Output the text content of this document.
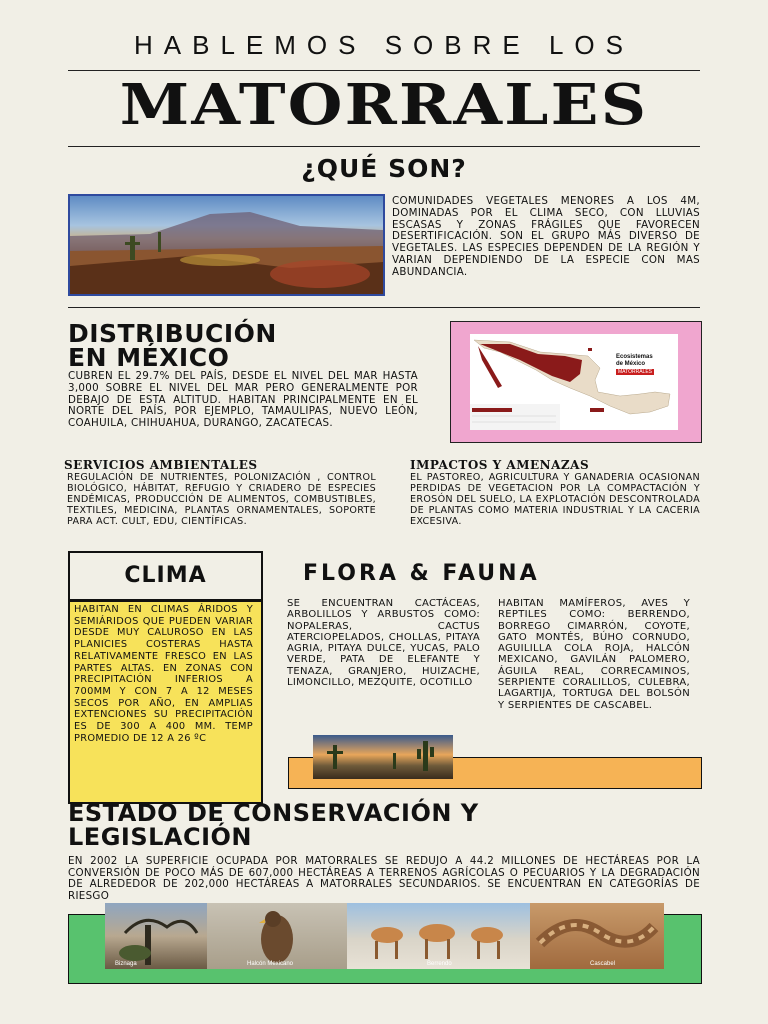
HABLEMOS SOBRE LOS
MATORRALES
¿QUÉ SON?
COMUNIDADES VEGETALES MENORES A LOS 4M, DOMINADAS POR EL CLIMA SECO, CON LLUVIAS ESCASAS Y ZONAS FRÁGILES QUE FAVORECEN DESERTIFICACIÓN. SON EL GRUPO MÁS DIVERSO DE VEGETALES. LAS ESPECIES DEPENDEN DE LA REGIÓN Y VARIAN DEPENDIENDO DE LA ESPECIE CON MAS ABUNDANCIA.
DISTRIBUCIÓN
EN MÉXICO
CUBREN EL 29.7% DEL PAÍS, DESDE EL NIVEL DEL MAR HASTA 3,000 SOBRE EL NIVEL DEL MAR PERO GENERALMENTE POR DEBAJO DE ESTA ALTITUD. HABITAN PRINCIPALMENTE EN EL NORTE DEL PAÍS, POR EJEMPLO, TAMAULIPAS, NUEVO LEÓN, COAHUILA, CHIHUAHUA, DURANGO, ZACATECAS.
Ecosistemas
de México
MATORRALES
SERVICIOS AMBIENTALES
REGULACIÓN DE NUTRIENTES, POLONIZACIÓN , CONTROL BIOLÓGICO, HÁBITAT, REFUGIO Y CRIADERO DE ESPECIES ENDÉMICAS, PRODUCCIÓN DE ALIMENTOS, COMBUSTIBLES, TEXTILES, MEDICINA, PLANTAS ORNAMENTALES, SOPORTE PARA ACT. CULT, EDU, CIENTÍFICAS.
IMPACTOS Y AMENAZAS
EL PASTOREO, AGRICULTURA Y GANADERIA OCASIONAN PERDIDAS DE VEGETACION POR LA COMPACTACIÓN Y EROSÓN DEL SUELO, LA EXPLOTACIÓN DESCONTROLADA DE PLANTAS COMO MATERIA INDUSTRIAL Y LA CACERIA EXCESIVA.
CLIMA
HABITAN EN CLIMAS ÁRIDOS Y SEMIÁRIDOS QUE PUEDEN VARIAR DESDE MUY CALUROSO EN LAS PLANICIES COSTERAS HASTA RELATIVAMENTE FRESCO EN LAS PARTES ALTAS. EN ZONAS CON PRECIPITACIÓN INFERIOS A 700MM Y CON 7 A 12 MESES SECOS POR AÑO, EN AMPLIAS EXTENCIONES SU PRECIPITACIÓN ES DE 300 A 400 MM. TEMP PROMEDIO DE 12 A 26 ºC
FLORA & FAUNA
SE ENCUENTRAN CACTÁCEAS, ARBOLILLOS Y ARBUSTOS COMO: NOPALERAS, CACTUS ATERCIOPELADOS, CHOLLAS, PITAYA AGRIA, PITAYA DULCE, YUCAS, PALO VERDE, PATA DE ELEFANTE Y TENAZA, GRANJERO, HUIZACHE, LIMONCILLO, MEZQUITE, OCOTILLO
HABITAN MAMÍFEROS, AVES Y REPTILES COMO: BERRENDO, BORREGO CIMARRÓN, COYOTE, GATO MONTÉS, BÚHO CORNUDO, AGUILILLA COLA ROJA, HALCÓN MEXICANO, GAVILÁN PALOMERO, ÁGUILA REAL, CORRECAMINOS, SERPIENTE CORALILLOS, CULEBRA, LAGARTIJA, TORTUGA DEL BOLSÓN Y SERPIENTES DE CASCABEL.
ESTADO DE CONSERVACIÓN Y
LEGISLACIÓN
EN 2002 LA SUPERFICIE OCUPADA POR MATORRALES SE REDUJO A 44.2 MILLONES DE HECTÁREAS POR LA CONVERSIÓN DE POCO MÁS DE 607,000 HECTÁREAS A TERRENOS AGRÍCOLAS O PECUARIOS Y LA DEGRADACIÓN DE ALREDEDOR DE 202,000 HECTÁREAS A MATORRALES SECUNDARIOS. SE ENCUENTRAN EN CATEGORÍAS DE RIESGO
Biznaga	Halcón Mexicano	Berrendo	Cascabel
